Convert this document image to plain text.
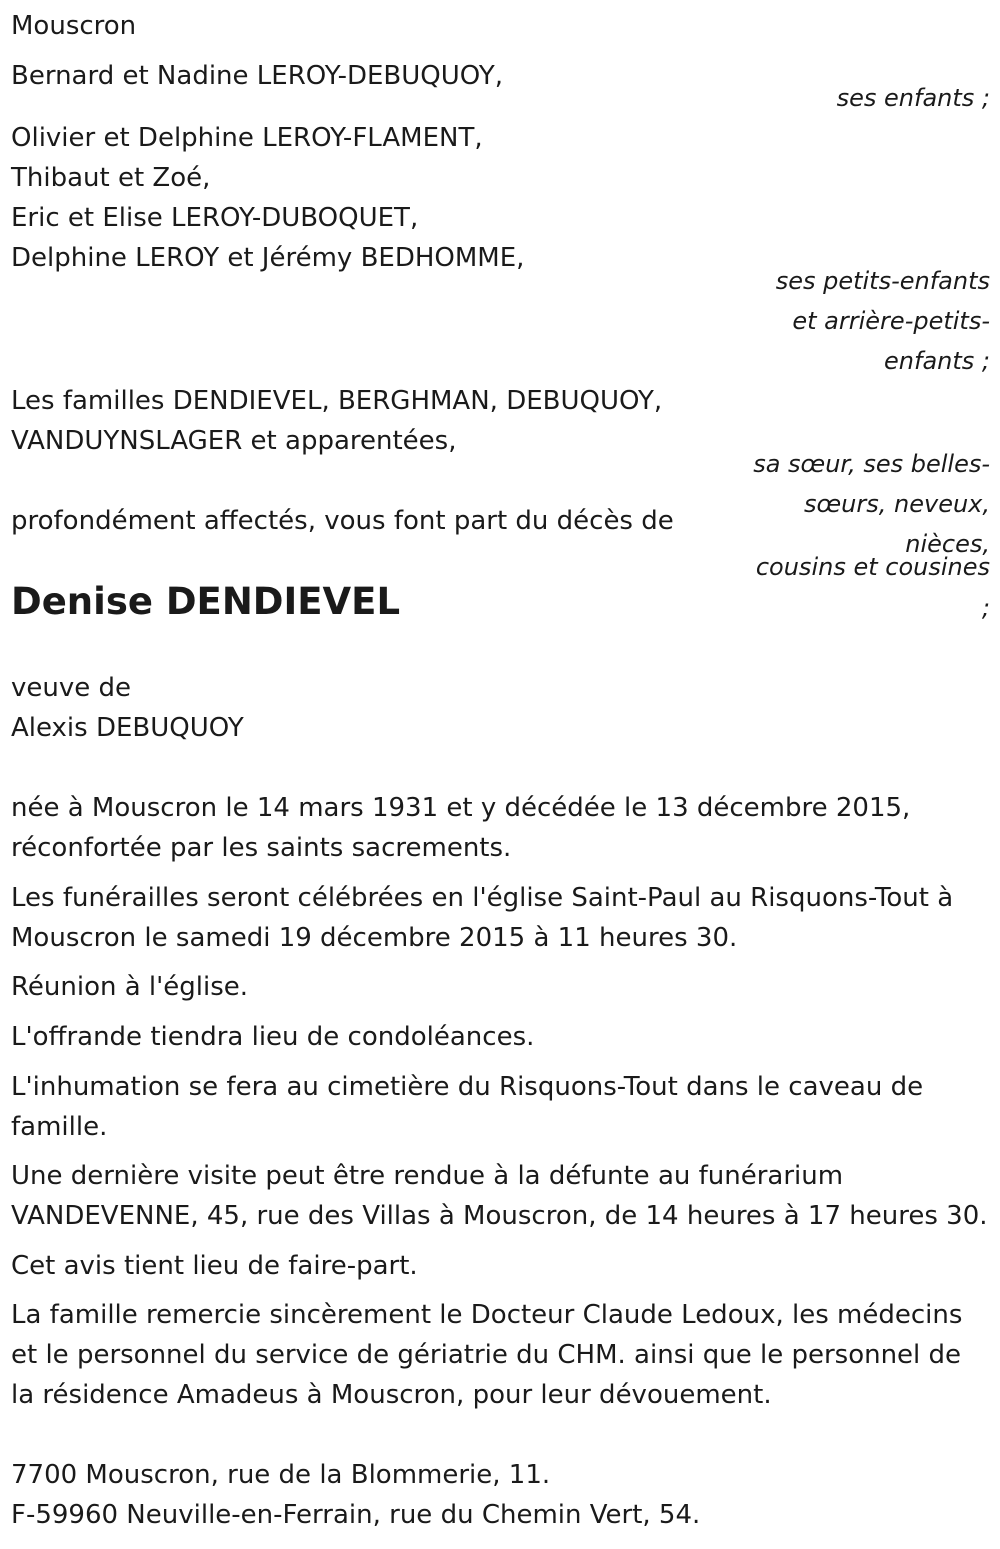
Mouscron

Bernard et Nadine LEROY-DEBUQUOY,

ses enfants ;

Olivier et Delphine LEROY-FLAMENT,

Thibaut et Zoé,

Eric et Elise LEROY-DUBOQUET,

Delphine LEROY et Jérémy BEDHOMME,

ses petits-enfants
et arrière-petits-
enfants ;

Les familles DENDIEVEL, BERGHMAN, DEBUQUOY,

VANDUYNSLAGER et apparentées,

sa sœur, ses belles-
sœurs, neveux,
nièces,
cousins et cousines
;

profondément affectés, vous font part du décès de

Denise DENDIEVEL

veuve de

Alexis DEBUQUOY

née à Mouscron le 14 mars 1931 et y décédée le 13 décembre 2015,

réconfortée par les saints sacrements.

Les funérailles seront célébrées en l'église Saint-Paul au Risquons-Tout à

Mouscron le samedi 19 décembre 2015 à 11 heures 30.

Réunion à l'église.

L'offrande tiendra lieu de condoléances.

L'inhumation se fera au cimetière du Risquons-Tout dans le caveau de

famille.

Une dernière visite peut être rendue à la défunte au funérarium

VANDEVENNE, 45, rue des Villas à Mouscron, de 14 heures à 17 heures 30.

Cet avis tient lieu de faire-part.

La famille remercie sincèrement le Docteur Claude Ledoux, les médecins

et le personnel du service de gériatrie du CHM. ainsi que le personnel de

la résidence Amadeus à Mouscron, pour leur dévouement.

7700 Mouscron, rue de la Blommerie, 11.

F-59960 Neuville-en-Ferrain, rue du Chemin Vert, 54.
